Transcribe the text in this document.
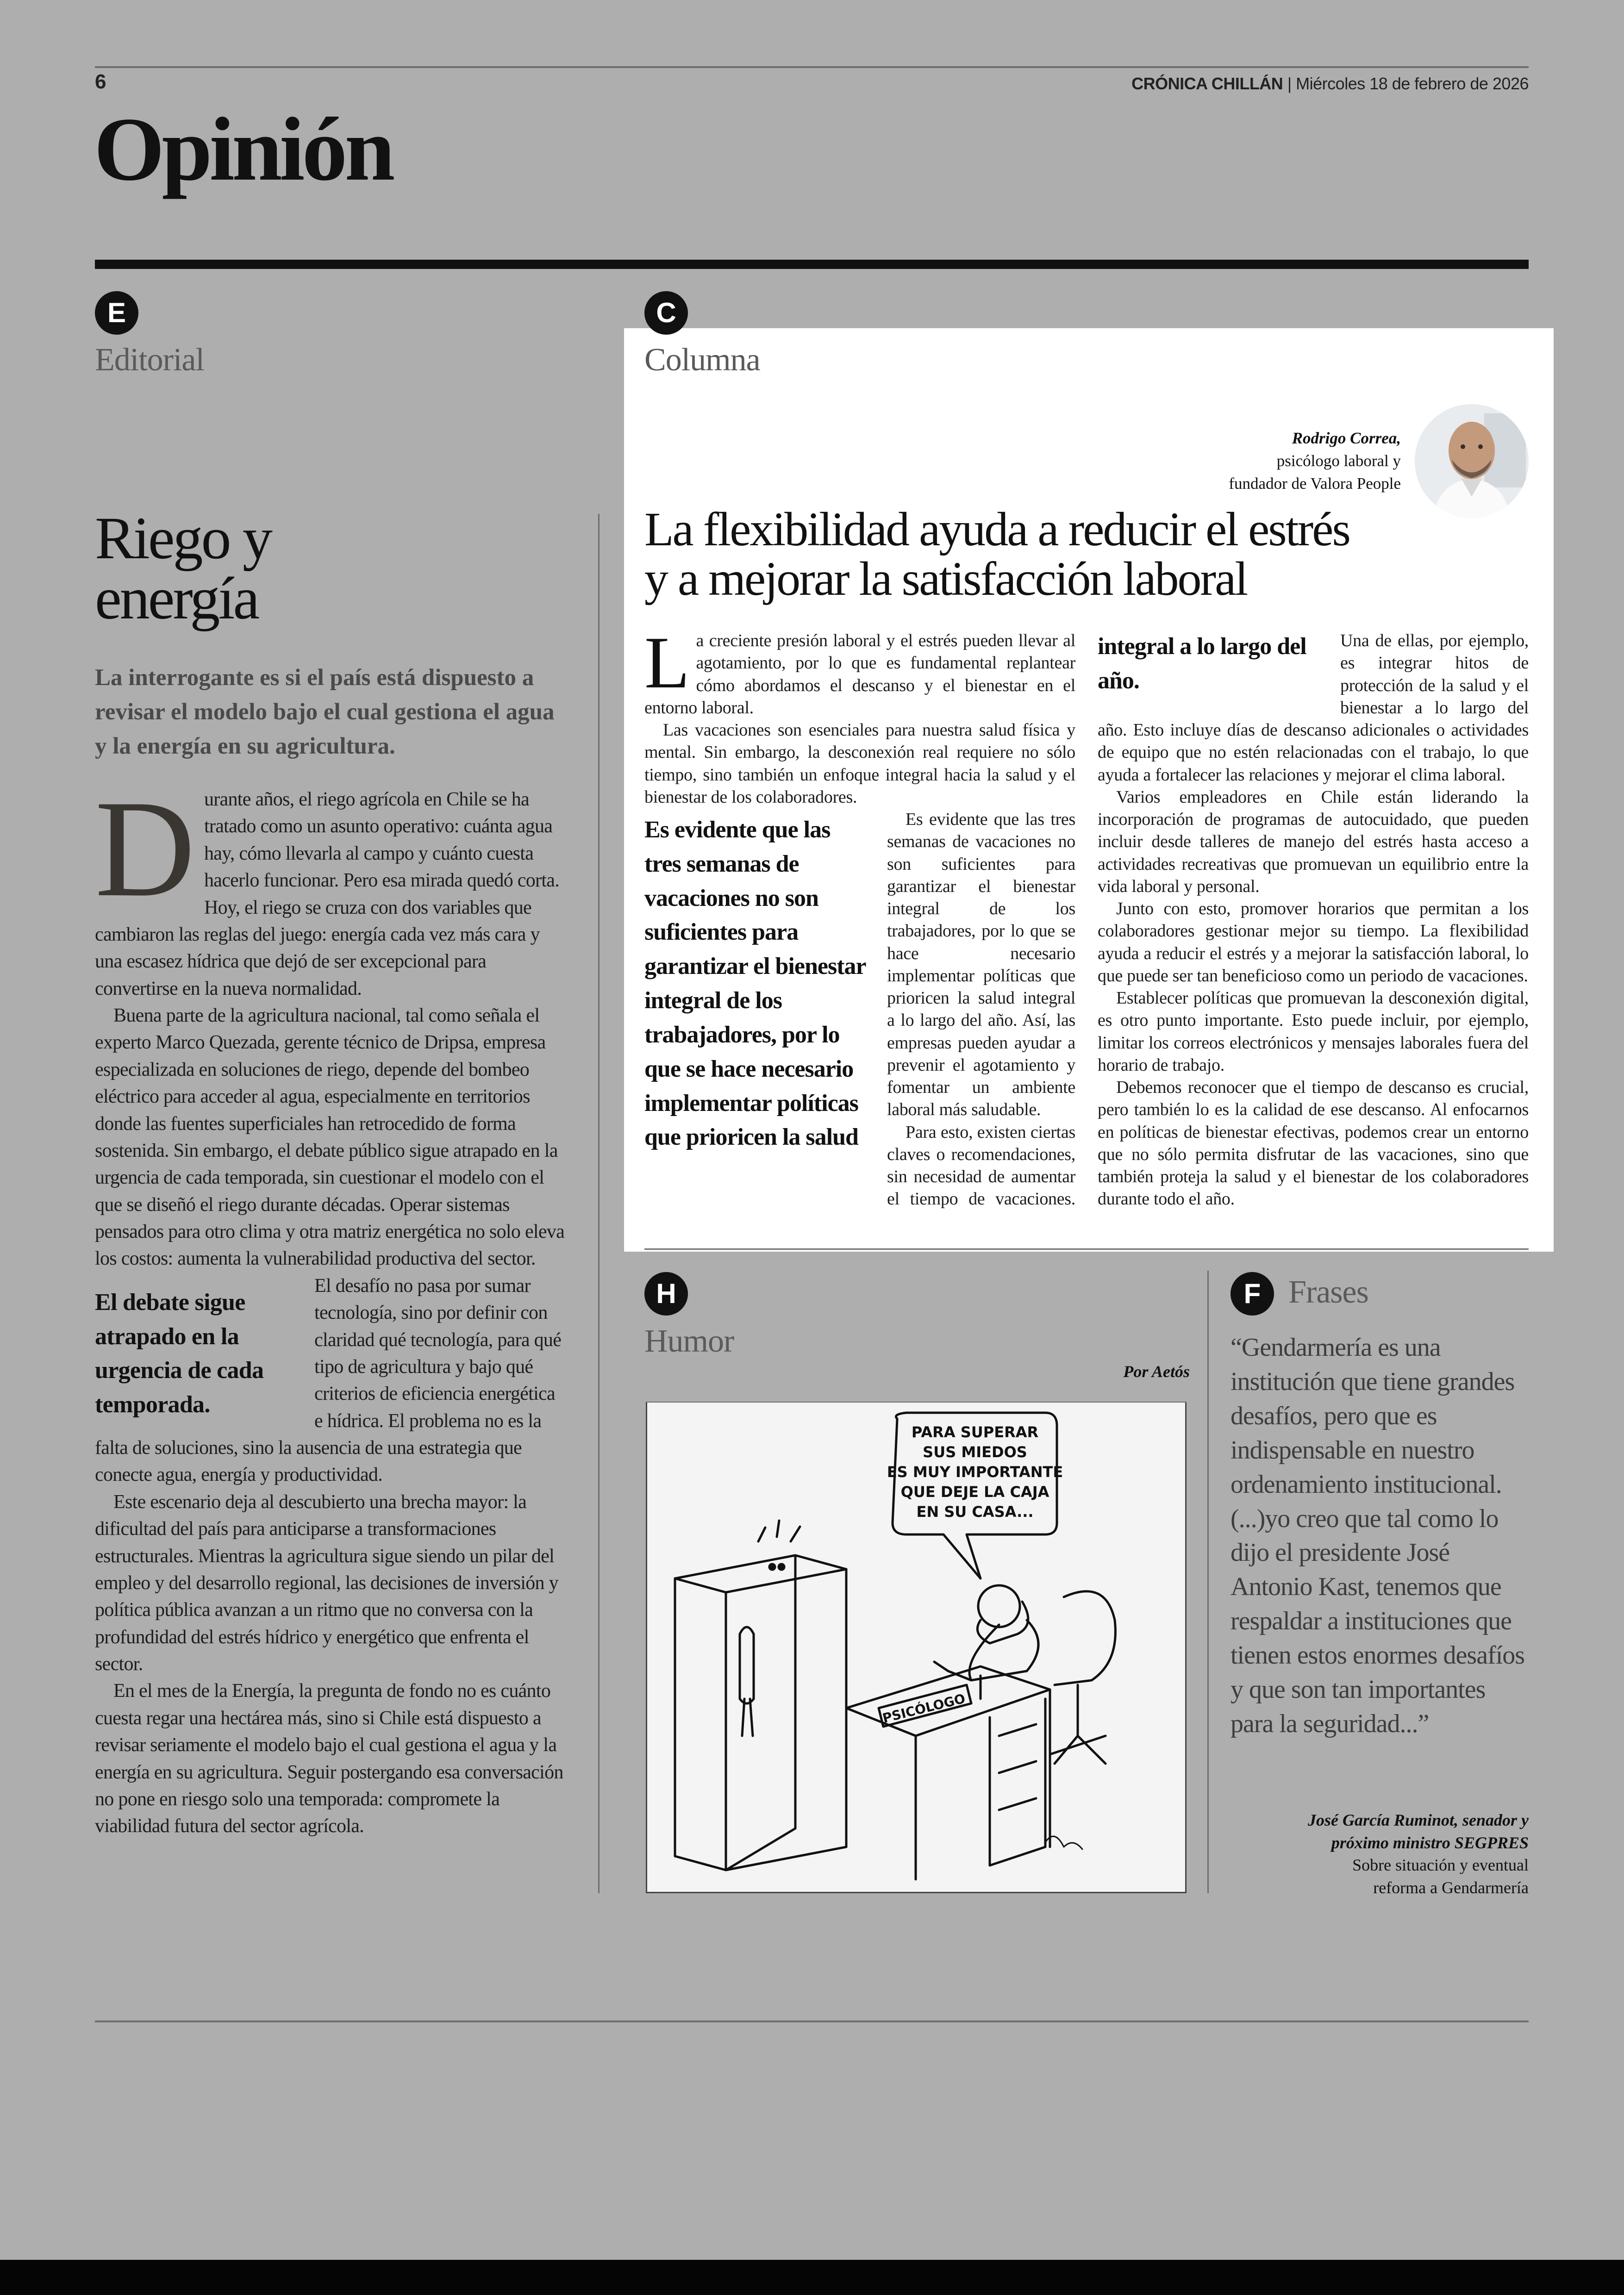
6	CRÓNICA CHILLÁN | Miércoles 18 de febrero de 2026
Opinión
E
Editorial
Riego y
energía
La interrogante es si el país está dispuesto a revisar el modelo bajo el cual gestiona el agua y la energía en su agricultura.

Durante años, el riego agrícola en Chile se ha tratado como un asunto operativo: cuánta agua hay, cómo llevarla al campo y cuánto cuesta hacerlo funcionar. Pero esa mirada quedó corta. Hoy, el riego se cruza con dos variables que cambiaron las reglas del juego: energía cada vez más cara y una escasez hídrica que dejó de ser excepcional para convertirse en la nueva normalidad.

Buena parte de la agricultura nacional, tal como señala el experto Marco Quezada, gerente técnico de Dripsa, empresa especializada en soluciones de riego, depende del bombeo eléctrico para acceder al agua, especialmente en territorios donde las fuentes superficiales han retrocedido de forma sostenida. Sin embargo, el debate público sigue atrapado en la urgencia de cada temporada, sin cuestionar el modelo con el que se diseñó el riego durante décadas. Operar sistemas pensados para otro clima y otra matriz energética no solo eleva los costos: aumenta la vulnerabilidad productiva del sector.

El debate sigue atrapado en la urgencia de cada temporada.

El desafío no pasa por sumar tecnología, sino por definir con claridad qué tecnología, para qué tipo de agricultura y bajo qué criterios de eficiencia energética e hídrica. El problema no es la falta de soluciones, sino la ausencia de una estrategia que conecte agua, energía y productividad.

Este escenario deja al descubierto una brecha mayor: la dificultad del país para anticiparse a transformaciones estructurales. Mientras la agricultura sigue siendo un pilar del empleo y del desarrollo regional, las decisiones de inversión y política pública avanzan a un ritmo que no conversa con la profundidad del estrés hídrico y energético que enfrenta el sector.

En el mes de la Energía, la pregunta de fondo no es cuánto cuesta regar una hectárea más, sino si Chile está dispuesto a revisar seriamente el modelo bajo el cual gestiona el agua y la energía en su agricultura. Seguir postergando esa conversación no pone en riesgo solo una temporada: compromete la viabilidad futura del sector agrícola.

C
Columna
Rodrigo Correa,
psicólogo laboral y
fundador de Valora People
La flexibilidad ayuda a reducir el estrés
y a mejorar la satisfacción laboral

La creciente presión laboral y el estrés pueden llevar al agotamiento, por lo que es fundamental replantear cómo abordamos el descanso y el bienestar en el entorno laboral.

Las vacaciones son esenciales para nuestra salud física y mental. Sin embargo, la desconexión real requiere no sólo tiempo, sino también un enfoque integral hacia la salud y el bienestar de los colaboradores.

Es evidente que las tres semanas de vacaciones no son suficientes para garantizar el bienestar integral de los trabajadores, por lo que se hace necesario implementar políticas que prioricen la salud integral a lo largo del año.

Es evidente que las tres semanas de vacaciones no son suficientes para garantizar el bienestar integral de los trabajadores, por lo que se hace necesario implementar políticas que prioricen la salud integral a lo largo del año. Así, las empresas pueden ayudar a prevenir el agotamiento y fomentar un ambiente laboral más saludable.

Para esto, existen ciertas claves o recomendaciones, sin necesidad de aumentar el tiempo de vacaciones. Una de ellas, por ejemplo, es integrar hitos de protección de la salud y el bienestar a lo largo del año. Esto incluye días de descanso adicionales o actividades de equipo que no estén relacionadas con el trabajo, lo que ayuda a fortalecer las relaciones y mejorar el clima laboral.

Varios empleadores en Chile están liderando la incorporación de programas de autocuidado, que pueden incluir desde talleres de manejo del estrés hasta acceso a actividades recreativas que promuevan un equilibrio entre la vida laboral y personal.

Junto con esto, promover horarios que permitan a los colaboradores gestionar mejor su tiempo. La flexibilidad ayuda a reducir el estrés y a mejorar la satisfacción laboral, lo que puede ser tan beneficioso como un periodo de vacaciones.

Establecer políticas que promuevan la desconexión digital, es otro punto importante. Esto puede incluir, por ejemplo, limitar los correos electrónicos y mensajes laborales fuera del horario de trabajo.

Debemos reconocer que el tiempo de descanso es crucial, pero también lo es la calidad de ese descanso. Al enfocarnos en políticas de bienestar efectivas, podemos crear un entorno que no sólo permita disfrutar de las vacaciones, sino que también proteja la salud y el bienestar de los colaboradores durante todo el año.

H
Humor
Por Aetós
PARA SUPERAR
SUS MIEDOS
ES MUY IMPORTANTE
QUE DEJE LA CAJA
EN SU CASA...
PSICÓLOGO
F Frases
“Gendarmería es una institución que tiene grandes desafíos, pero que es indispensable en nuestro ordenamiento institucional. (...)yo creo que tal como lo dijo el presidente José Antonio Kast, tenemos que respaldar a instituciones que tienen estos enormes desafíos y que son tan importantes para la seguridad...”
José García Ruminot, senador y
próximo ministro SEGPRES
Sobre situación y eventual
reforma a Gendarmería
